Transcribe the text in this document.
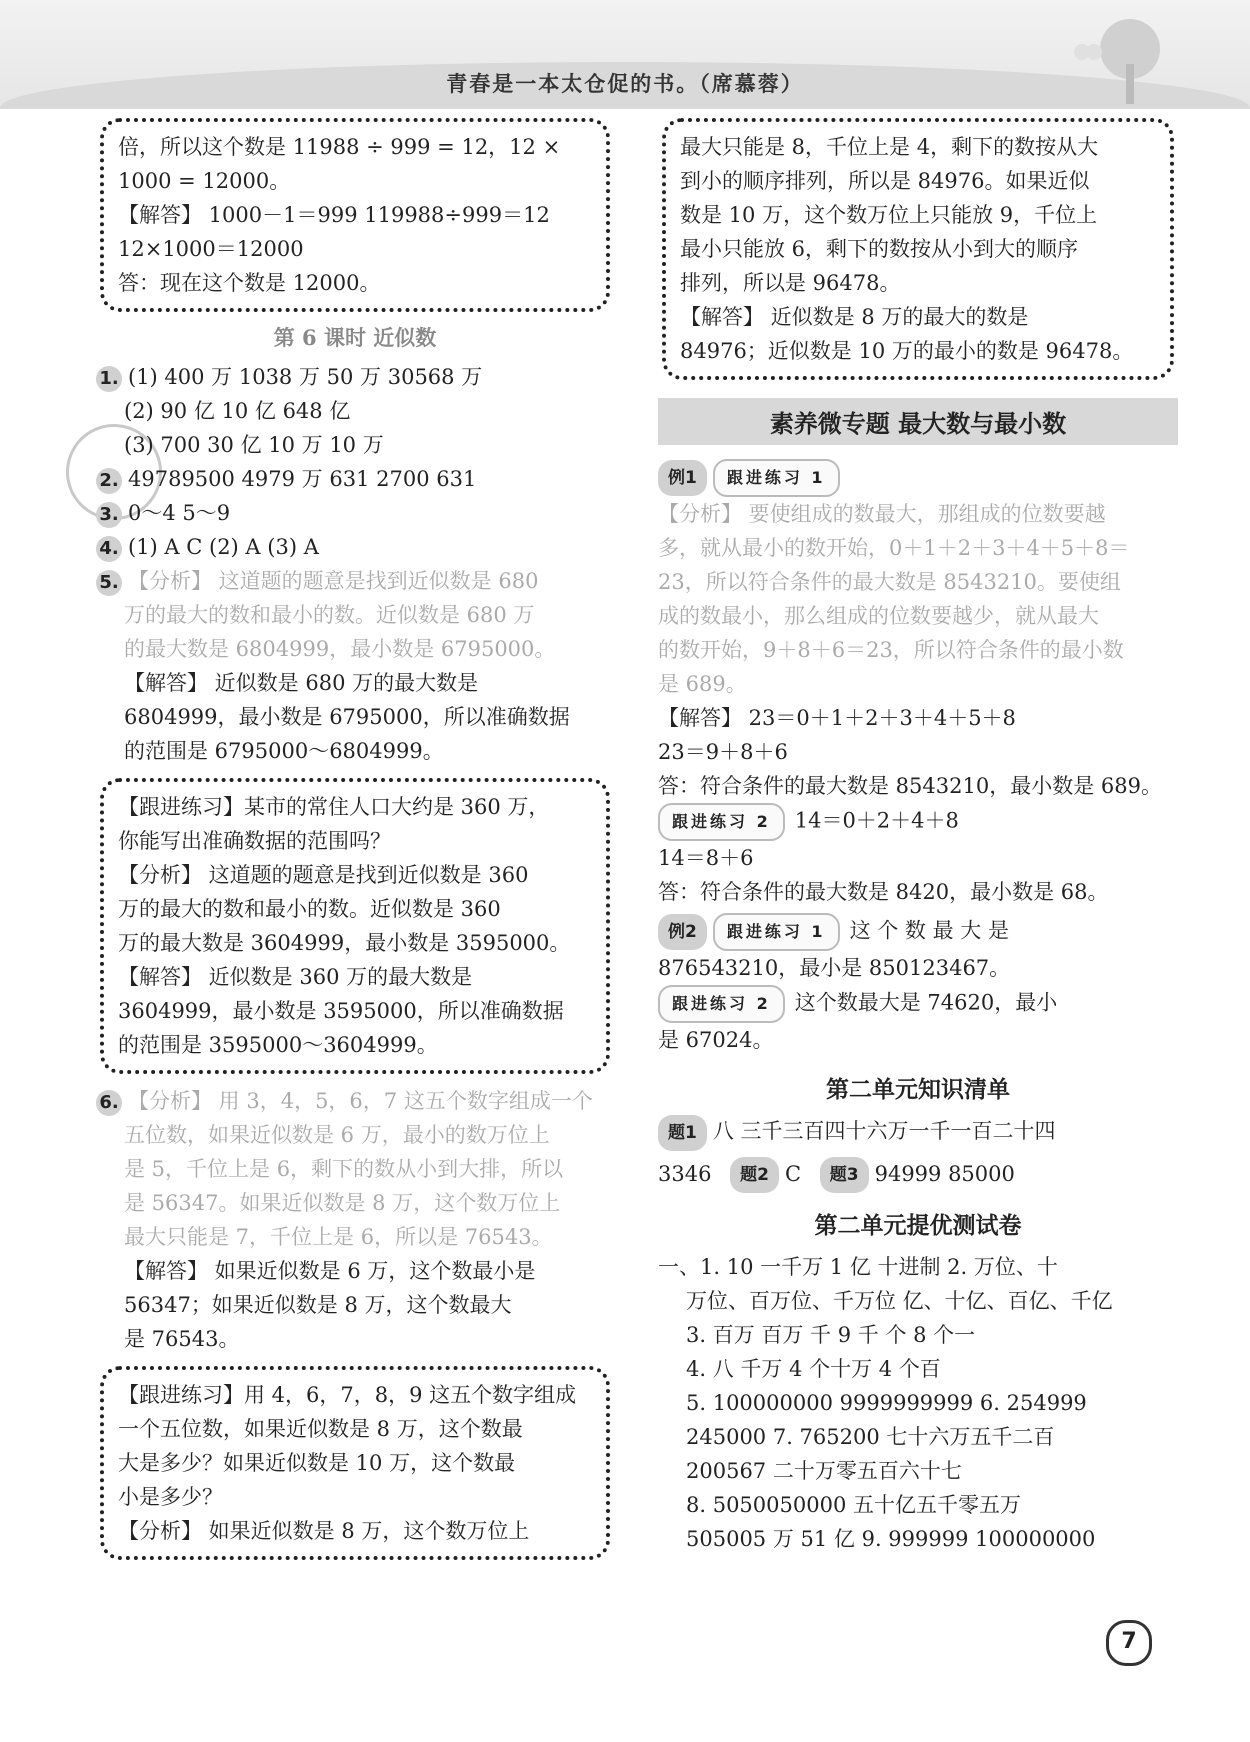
青春是一本太仓促的书。（席慕蓉）
倍，所以这个数是 11988 ÷ 999 = 12，12 ×
1000 = 12000。
【解答】 1000－1＝999 119988÷999＝12
12×1000＝12000
答：现在这个数是 12000。
第 6 课时 近似数
1. (1) 400 万 1038 万 50 万 30568 万
(2) 90 亿 10 亿 648 亿
(3) 700 30 亿 10 万 10 万
2. 49789500 4979 万 631 2700 631
3. 0～4 5～9
4. (1) A C (2) A (3) A
5. 【分析】 这道题的题意是找到近似数是 680
万的最大的数和最小的数。近似数是 680 万
的最大数是 6804999，最小数是 6795000。
【解答】 近似数是 680 万的最大数是
6804999，最小数是 6795000，所以准确数据
的范围是 6795000～6804999。
【跟进练习】某市的常住人口大约是 360 万，
你能写出准确数据的范围吗？
【分析】 这道题的题意是找到近似数是 360
万的最大的数和最小的数。近似数是 360
万的最大数是 3604999，最小数是 3595000。
【解答】 近似数是 360 万的最大数是
3604999，最小数是 3595000，所以准确数据
的范围是 3595000～3604999。
6. 【分析】 用 3，4，5，6，7 这五个数字组成一个
五位数，如果近似数是 6 万，最小的数万位上
是 5，千位上是 6，剩下的数从小到大排，所以
是 56347。如果近似数是 8 万，这个数万位上
最大只能是 7，千位上是 6，所以是 76543。
【解答】 如果近似数是 6 万，这个数最小是
56347；如果近似数是 8 万，这个数最大
是 76543。
【跟进练习】用 4，6，7，8，9 这五个数字组成
一个五位数，如果近似数是 8 万，这个数最
大是多少？如果近似数是 10 万，这个数最
小是多少？
【分析】 如果近似数是 8 万，这个数万位上
最大只能是 8，千位上是 4，剩下的数按从大
到小的顺序排列，所以是 84976。如果近似
数是 10 万，这个数万位上只能放 9，千位上
最小只能放 6，剩下的数按从小到大的顺序
排列，所以是 96478。
【解答】 近似数是 8 万的最大的数是
84976；近似数是 10 万的最小的数是 96478。
素养微专题 最大数与最小数
例1 跟进练习 1
【分析】 要使组成的数最大，那组成的位数要越
多，就从最小的数开始，0＋1＋2＋3＋4＋5＋8＝
23，所以符合条件的最大数是 8543210。要使组
成的数最小，那么组成的位数要越少，就从最大
的数开始，9＋8＋6＝23，所以符合条件的最小数
是 689。
【解答】 23＝0＋1＋2＋3＋4＋5＋8
23＝9＋8＋6
答：符合条件的最大数是 8543210，最小数是 689。
跟进练习 2 14＝0＋2＋4＋8
14＝8＋6
答：符合条件的最大数是 8420，最小数是 68。
例2 跟进练习 1 这 个 数 最 大 是
876543210，最小是 850123467。
跟进练习 2 这个数最大是 74620，最小
是 67024。
第二单元知识清单
题1 八 三千三百四十六万一千一百二十四
3346 题2 C 题3 94999 85000
第二单元提优测试卷
一、1. 10 一千万 1 亿 十进制 2. 万位、十
万位、百万位、千万位 亿、十亿、百亿、千亿
3. 百万 百万 千 9 千 个 8 个一
4. 八 千万 4 个十万 4 个百
5. 100000000 9999999999 6. 254999
245000 7. 765200 七十六万五千二百
200567 二十万零五百六十七
8. 5050050000 五十亿五千零五万
505005 万 51 亿 9. 999999 100000000
7
